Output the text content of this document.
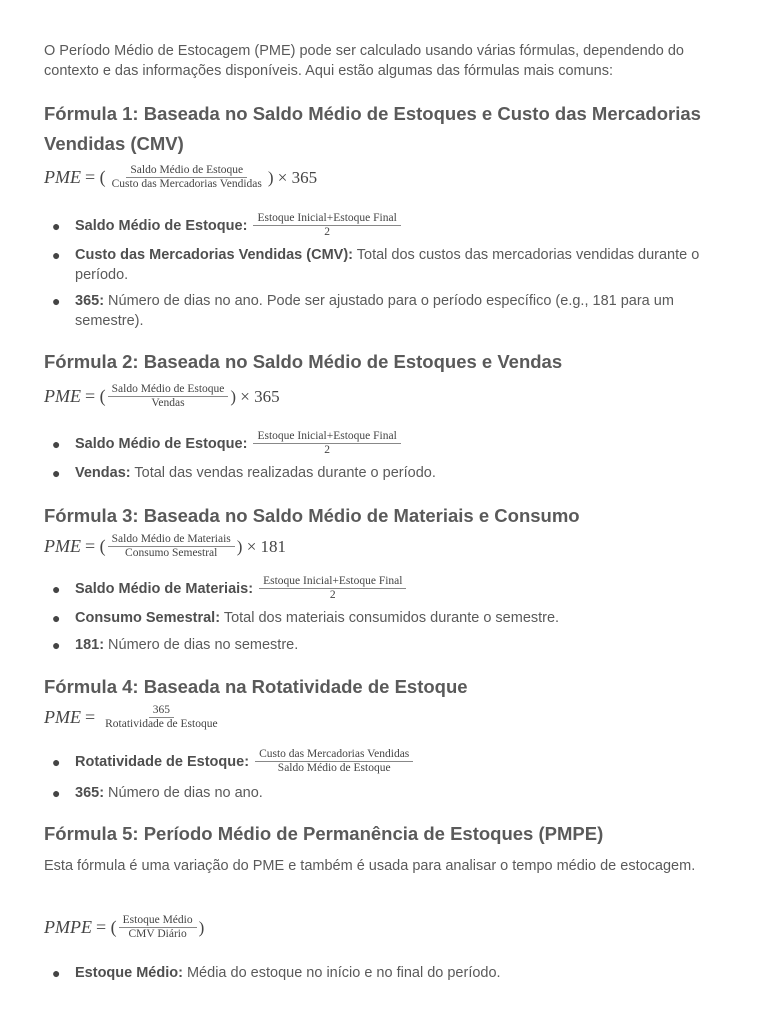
O Período Médio de Estocagem (PME) pode ser calculado usando várias fórmulas, dependendo do contexto e das informações disponíveis. Aqui estão algumas das fórmulas mais comuns:

Fórmula 1: Baseada no Saldo Médio de Estoques e Custo das Mercadorias Vendidas (CMV)
PME
= ( $\frac{\text{Saldo Médio de Estoque}}{\text{Custo das Mercadorias Vendidas}}$ ) × 365
● Saldo Médio de Estoque:
$\frac{\text{Estoque Inicial+Estoque Final}}{2}$
● Custo das Mercadorias Vendidas (CMV): Total dos custos das mercadorias vendidas durante o período.
● 365: Número de dias no ano. Pode ser ajustado para o período específico (e.g., 181 para um semestre).
Fórmula 2: Baseada no Saldo Médio de Estoques e Vendas
PME
= ( $\frac{\text{Saldo Médio de Estoque}}{\text{Vendas}}$ ) × 365
● Saldo Médio de Estoque:
$\frac{\text{Estoque Inicial+Estoque Final}}{2}$
● Vendas: Total das vendas realizadas durante o período.
Fórmula 3: Baseada no Saldo Médio de Materiais e Consumo
PME
= ( $\frac{\text{Saldo Médio de Materiais}}{\text{Consumo Semestral}}$ ) × 181
● Saldo Médio de Materiais:
$\frac{\text{Estoque Inicial+Estoque Final}}{2}$
● Consumo Semestral: Total dos materiais consumidos durante o semestre.
● 181: Número de dias no semestre.
Fórmula 4: Baseada na Rotatividade de Estoque
PME
=
$\frac{365}{\text{Rotatividade de Estoque}}$
● Rotatividade de Estoque:
$\frac{\text{Custo das Mercadorias Vendidas}}{\text{Saldo Médio de Estoque}}$
● 365: Número de dias no ano.
Fórmula 5: Período Médio de Permanência de Estoques (PMPE)

Esta fórmula é uma variação do PME e também é usada para analisar o tempo médio de estocagem.

PMPE
= ( $\frac{\text{Estoque Médio}}{\text{CMV Diário}}$ )
● Estoque Médio: Média do estoque no início e no final do período.
